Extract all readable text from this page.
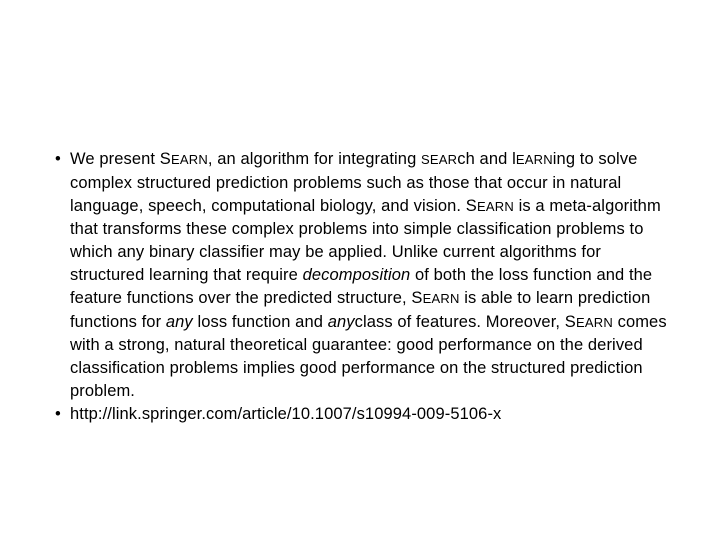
• We present SEARN, an algorithm for integrating SEARch and lEARNing to solve complex structured prediction problems such as those that occur in natural language, speech, computational biology, and vision. SEARN is a meta-algorithm that transforms these complex problems into simple classification problems to which any binary classifier may be applied. Unlike current algorithms for structured learning that require decomposition of both the loss function and the feature functions over the predicted structure, SEARN is able to learn prediction functions for any loss function and anyclass of features. Moreover, SEARN comes with a strong, natural theoretical guarantee: good performance on the derived classification problems implies good performance on the structured prediction problem.
• http://link.springer.com/article/10.1007/s10994-009-5106-x
